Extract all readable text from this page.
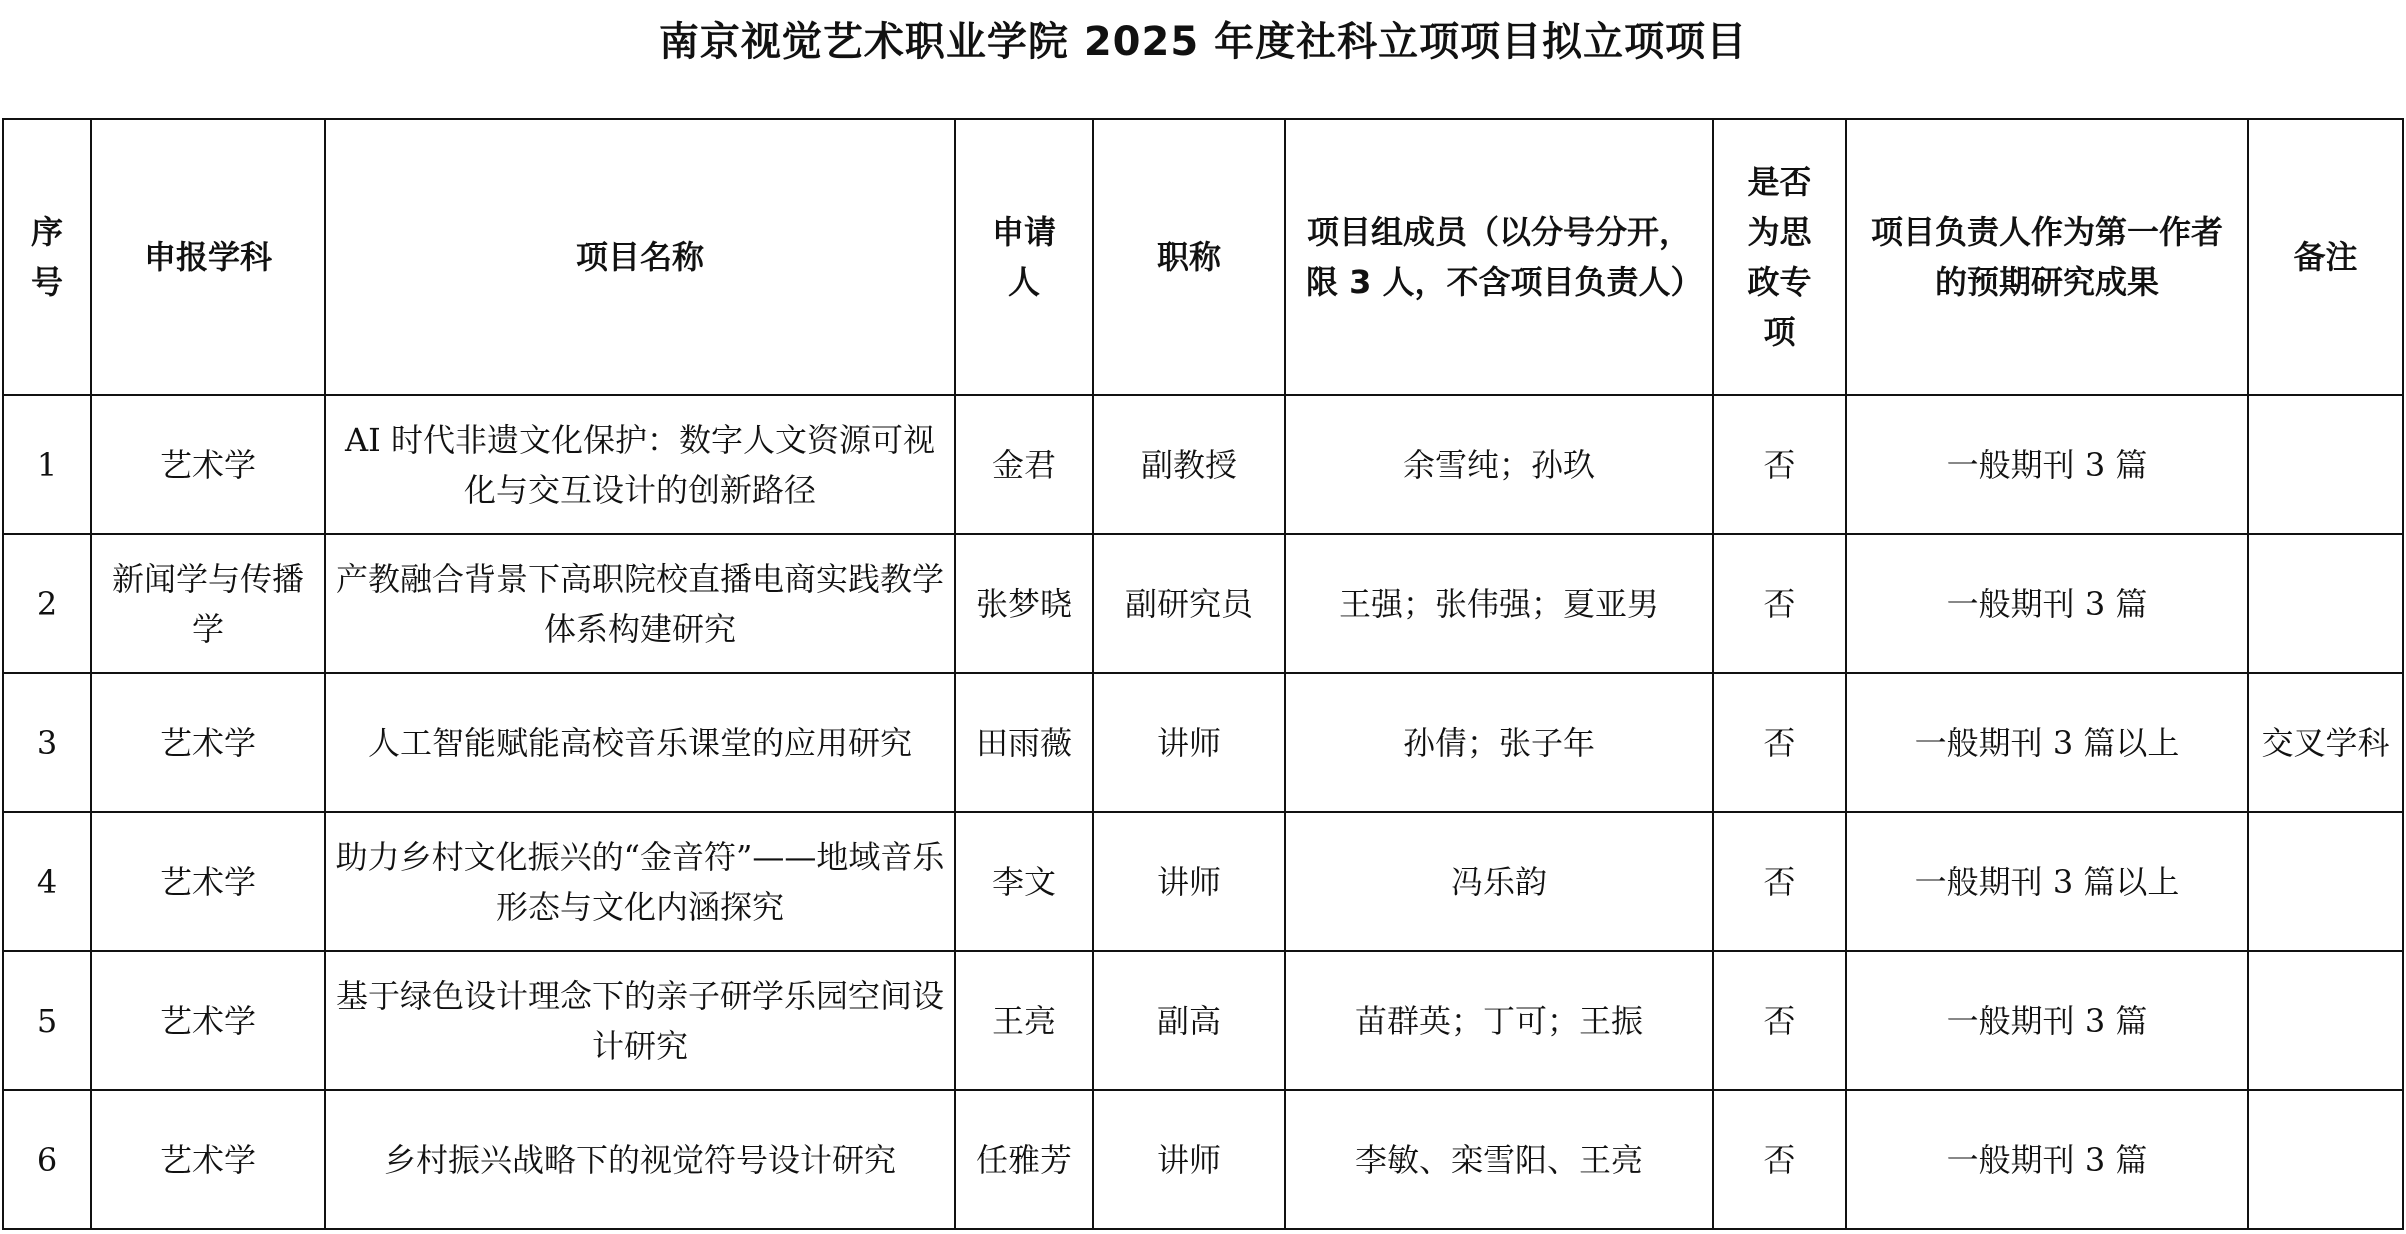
南京视觉艺术职业学院 2025 年度社科立项项目拟立项项目
序号	申报学科	项目名称	申请人	职称	项目组成员（以分号分开，限 3 人，不含项目负责人）	是否为思政专项	项目负责人作为第一作者的预期研究成果	备注
1	艺术学	AI 时代非遗文化保护：数字人文资源可视化与交互设计的创新路径	金君	副教授	余雪纯；孙玖	否	一般期刊 3 篇	
2	新闻学与传播学	产教融合背景下高职院校直播电商实践教学体系构建研究	张梦晓	副研究员	王强；张伟强；夏亚男	否	一般期刊 3 篇	
3	艺术学	人工智能赋能高校音乐课堂的应用研究	田雨薇	讲师	孙倩；张子年	否	一般期刊 3 篇以上	交叉学科
4	艺术学	助力乡村文化振兴的“金音符”——地域音乐形态与文化内涵探究	李文	讲师	冯乐韵	否	一般期刊 3 篇以上	
5	艺术学	基于绿色设计理念下的亲子研学乐园空间设计研究	王亮	副高	苗群英；丁可；王振	否	一般期刊 3 篇	
6	艺术学	乡村振兴战略下的视觉符号设计研究	任雅芳	讲师	李敏、栾雪阳、王亮	否	一般期刊 3 篇	
